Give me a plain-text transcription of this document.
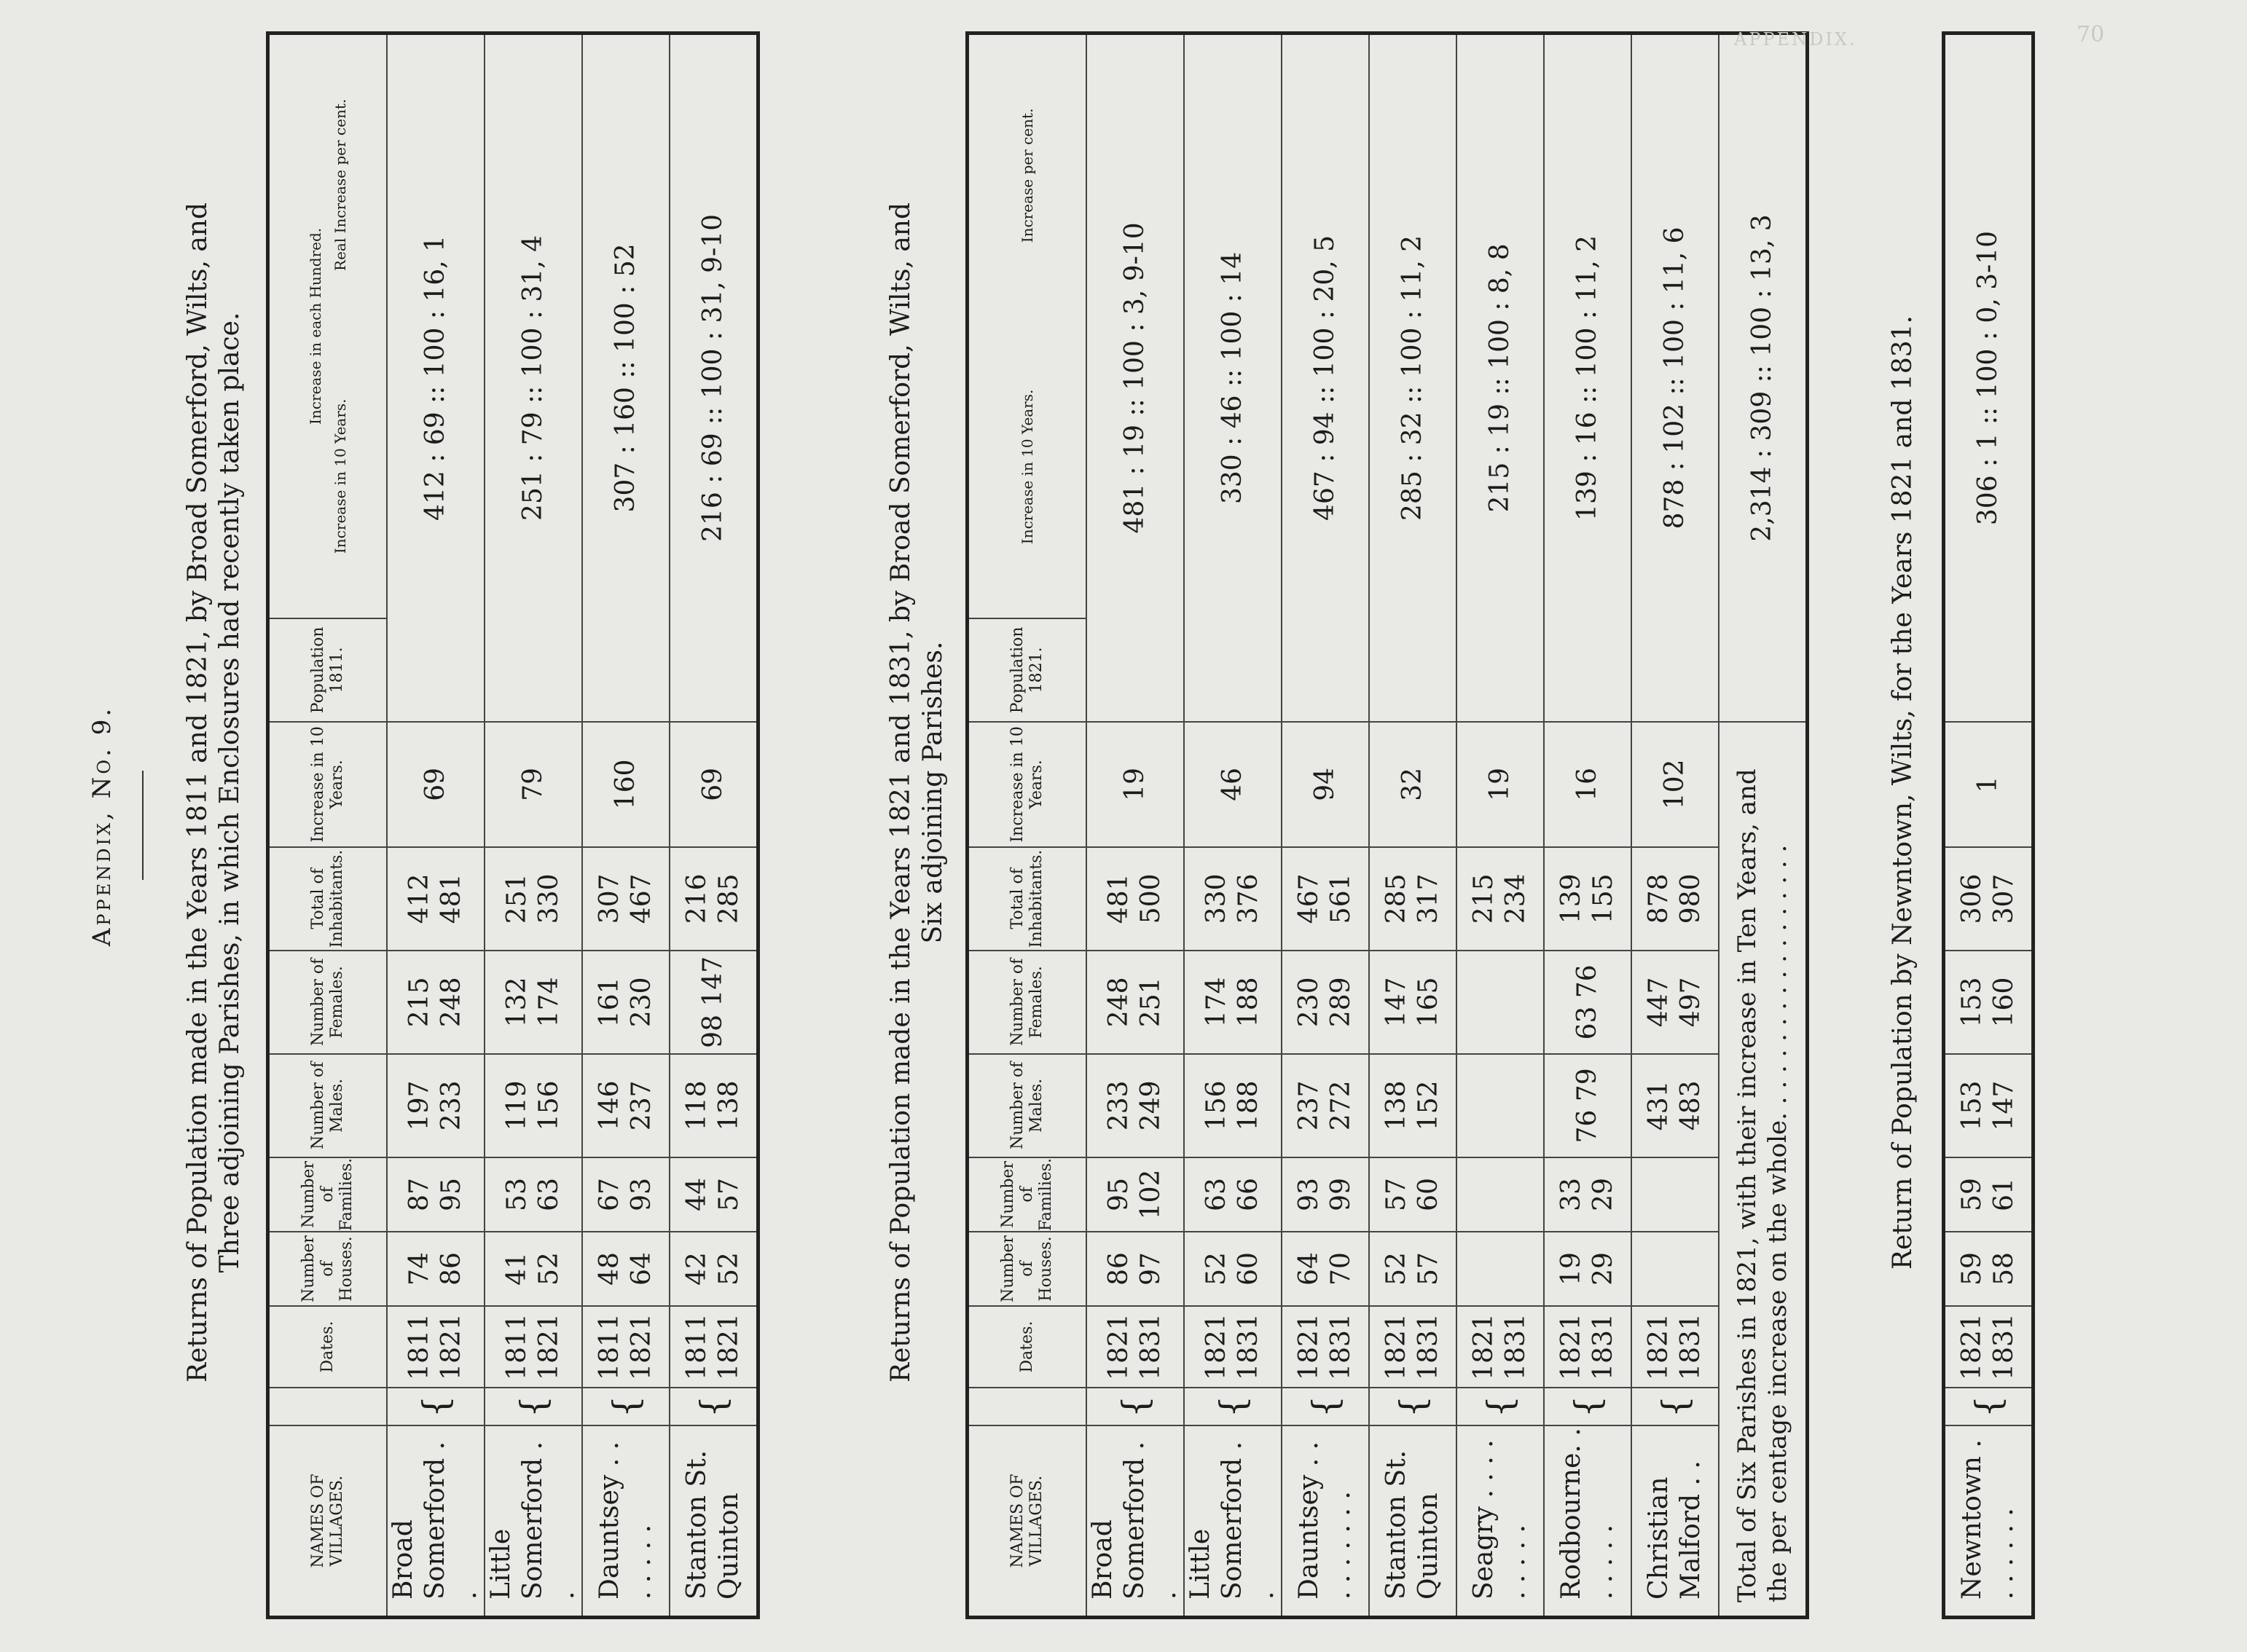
Appendix, No. 9.	Returns of Population made in the Years 1811 and 1821, by Broad Somerford, Wilts, and Three adjoining Parishes, in which Enclosures had recently taken place.
NAMES OF VILLAGES.		Dates.	Number of Houses.	Number of Families.	Number of Males.	Number of Females.	Total of Inhabitants.	Increase in 10 Years.	Population 1811.	Increase in each Hundred.
Increase in 10 Years.
Real Increase per cent.

Broad Somerford . .	{	1811 1821	74 86	87 95	197 233	215 248	412 481	69	412 : 69 :: 100 : 16, 1	
Little Somerford . .	{	1811 1821	41 52	53 63	119 156	132 174	251 330	79	251 : 79 :: 100 : 31, 4	
Dauntsey . . . . . . .	{	1811 1821	48 64	67 93	146 237	161 230	307 467	160	307 : 160 :: 100 : 52	
Stanton St. Quinton	{	1811 1821	42 52	44 57	118 138	98 147	216 285	69	216 : 69 :: 100 : 31, 9-10		Returns of Population made in the Years 1821 and 1831, by Broad Somerford, Wilts, and Six adjoining Parishes.
NAMES OF VILLAGES.		Dates.	Number of Houses.	Number of Families.	Number of Males.	Number of Females.	Total of Inhabitants.	Increase in 10 Years.	Population 1821.	Increase in 10 Years.
Increase per cent.

Broad Somerford . .	{	1821 1831	86 97	95 102	233 249	248 251	481 500	19	481 : 19 :: 100 : 3, 9-10	
Little Somerford . .	{	1821 1831	52 60	63 66	156 188	174 188	330 376	46	330 : 46 :: 100 : 14	
Dauntsey . . . . . . . . .	{	1821 1831	64 70	93 99	237 272	230 289	467 561	94	467 : 94 :: 100 : 20, 5	
Stanton St. Quinton	{	1821 1831	52 57	57 60	138 152	147 165	285 317	32	285 : 32 :: 100 : 11, 2	
Seagry . . . . . . . . .	{	1821 1831					215 234	19	215 : 19 :: 100 : 8, 8	
Rodbourne. . . . . . .	{	1821 1831	19 29	33 29	76 79	63 76	139 155	16	139 : 16 :: 100 : 11, 2	
Christian Malford . .	{	1821 1831			431 483	447 497	878 980	102	878 : 102 :: 100 : 11, 6	

Total of Six Parishes in 1821, with their increase in Ten Years, and the per centage increase on the whole. . . . . . . . . . . . . . . . . .									2,314 : 309 :: 100 : 13, 3		Return of Population by Newntown, Wilts, for the Years 1821 and 1831.
Newntown . . . . . . .	{	1821 1831	59 58	59 61	153 147	153 160	306 307	1	306 : 1 :: 100 : 0, 3-10
70
APPENDIX.
